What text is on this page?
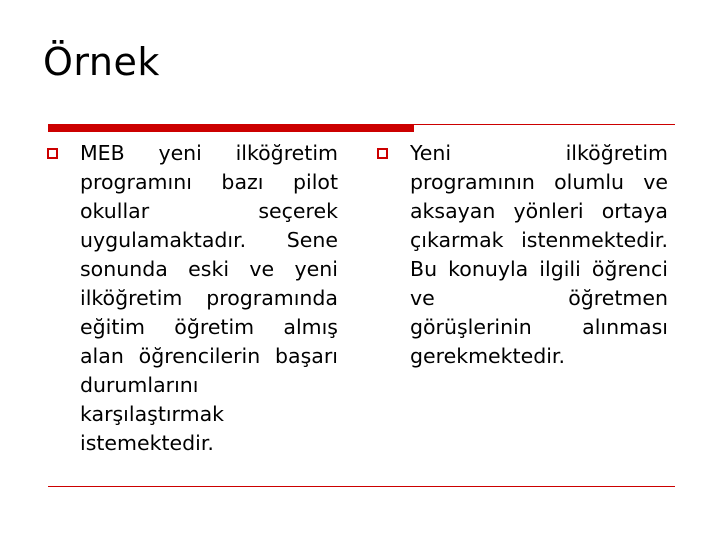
Örnek

MEB yeni ilköğretim programını bazı pilot okullar seçerek uygulamaktadır. Sene sonunda eski ve yeni ilköğretim programında eğitim öğretim almış alan öğrencilerin başarı durumlarını karşılaştırmak istemektedir.

Yeni ilköğretim programının olumlu ve aksayan yönleri ortaya çıkarmak istenmektedir. Bu konuyla ilgili öğrenci ve öğretmen görüşlerinin alınması gerekmektedir.
